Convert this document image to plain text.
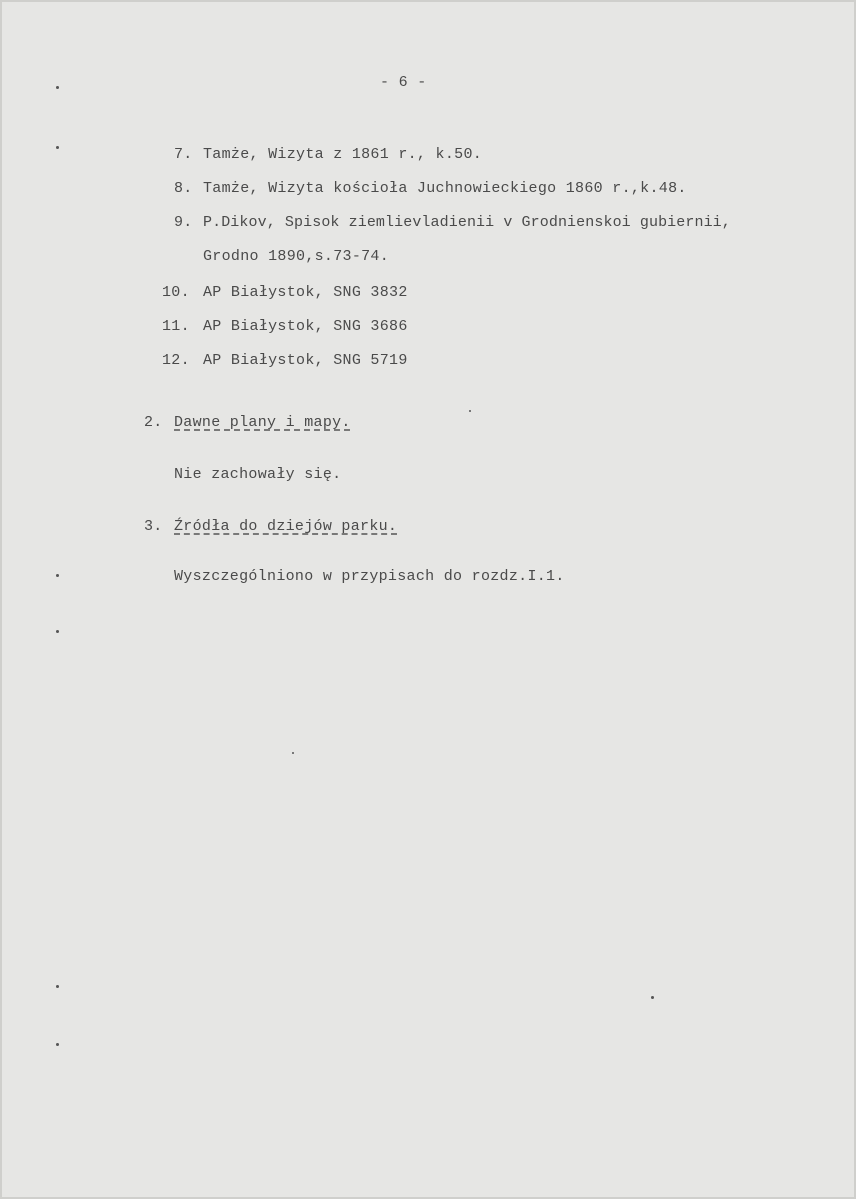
- 6 -
7. Tamże, Wizyta z 1861 r., k.50.
8. Tamże, Wizyta kościoła Juchnowieckiego 1860 r.,k.48.
9. P.Dikov, Spisok ziemlievladienii v Grodnienskoi gubiernii,
Grodno 1890,s.73-74.
10. AP Białystok, SNG 3832
11. AP Białystok, SNG 3686
12. AP Białystok, SNG 5719
2. Dawne plany i mapy.
Nie zachowały się.
3. Źródła do dziejów parku.
Wyszczególniono w przypisach do rozdz.I.1.
